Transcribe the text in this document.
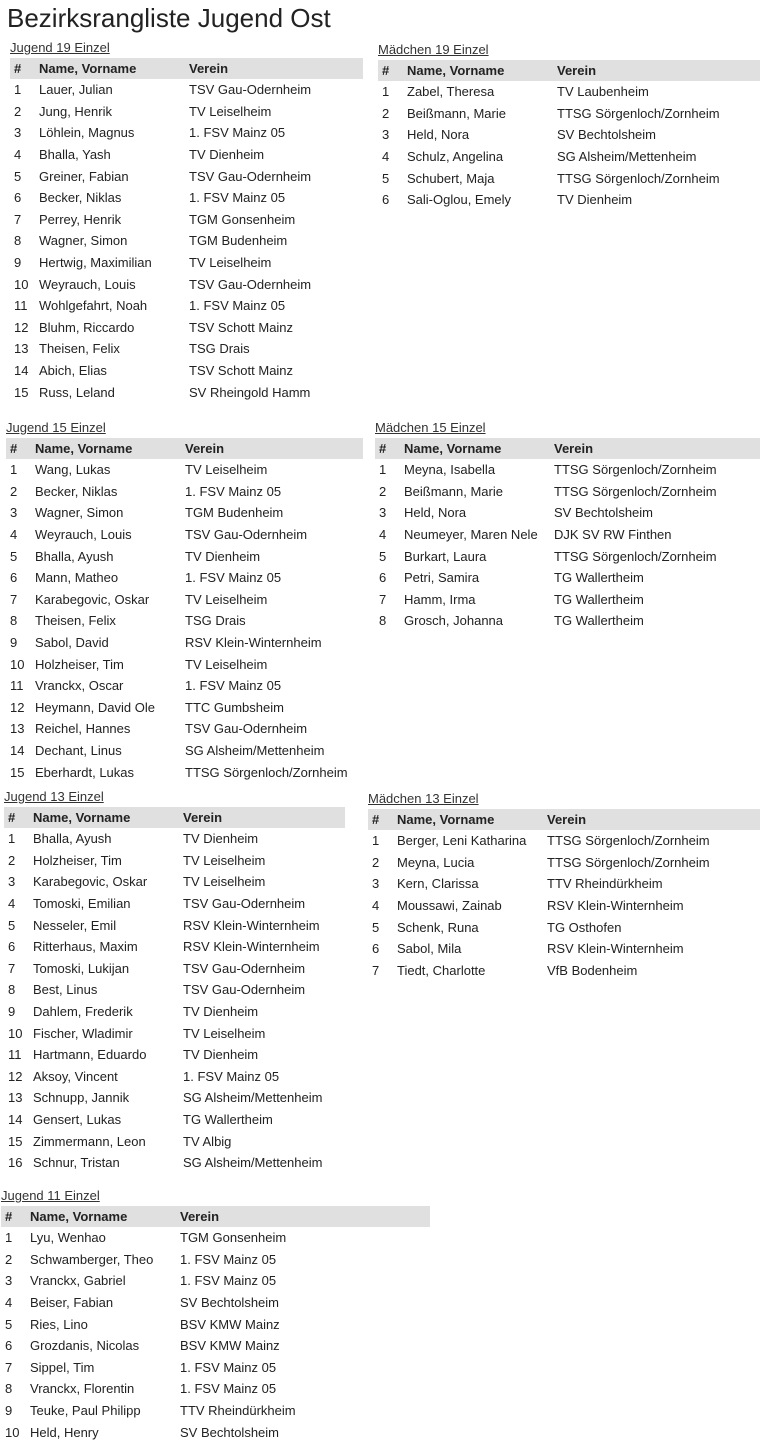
Bezirksrangliste Jugend Ost
Jugend 19 Einzel
#	Name, Vorname	Verein
1	Lauer, Julian	TSV Gau-Odernheim
2	Jung, Henrik	TV Leiselheim
3	Löhlein, Magnus	1. FSV Mainz 05
4	Bhalla, Yash	TV Dienheim
5	Greiner, Fabian	TSV Gau-Odernheim
6	Becker, Niklas	1. FSV Mainz 05
7	Perrey, Henrik	TGM Gonsenheim
8	Wagner, Simon	TGM Budenheim
9	Hertwig, Maximilian	TV Leiselheim
10	Weyrauch, Louis	TSV Gau-Odernheim
11	Wohlgefahrt, Noah	1. FSV Mainz 05
12	Bluhm, Riccardo	TSV Schott Mainz
13	Theisen, Felix	TSG Drais
14	Abich, Elias	TSV Schott Mainz
15	Russ, Leland	SV Rheingold Hamm
Mädchen 19 Einzel
#	Name, Vorname	Verein
1	Zabel, Theresa	TV Laubenheim
2	Beißmann, Marie	TTSG Sörgenloch/Zornheim
3	Held, Nora	SV Bechtolsheim
4	Schulz, Angelina	SG Alsheim/Mettenheim
5	Schubert, Maja	TTSG Sörgenloch/Zornheim
6	Sali-Oglou, Emely	TV Dienheim
Jugend 15 Einzel
#	Name, Vorname	Verein
1	Wang, Lukas	TV Leiselheim
2	Becker, Niklas	1. FSV Mainz 05
3	Wagner, Simon	TGM Budenheim
4	Weyrauch, Louis	TSV Gau-Odernheim
5	Bhalla, Ayush	TV Dienheim
6	Mann, Matheo	1. FSV Mainz 05
7	Karabegovic, Oskar	TV Leiselheim
8	Theisen, Felix	TSG Drais
9	Sabol, David	RSV Klein-Winternheim
10	Holzheiser, Tim	TV Leiselheim
11	Vranckx, Oscar	1. FSV Mainz 05
12	Heymann, David Ole	TTC Gumbsheim
13	Reichel, Hannes	TSV Gau-Odernheim
14	Dechant, Linus	SG Alsheim/Mettenheim
15	Eberhardt, Lukas	TTSG Sörgenloch/Zornheim
Mädchen 15 Einzel
#	Name, Vorname	Verein
1	Meyna, Isabella	TTSG Sörgenloch/Zornheim
2	Beißmann, Marie	TTSG Sörgenloch/Zornheim
3	Held, Nora	SV Bechtolsheim
4	Neumeyer, Maren Nele	DJK SV RW Finthen
5	Burkart, Laura	TTSG Sörgenloch/Zornheim
6	Petri, Samira	TG Wallertheim
7	Hamm, Irma	TG Wallertheim
8	Grosch, Johanna	TG Wallertheim
Jugend 13 Einzel
#	Name, Vorname	Verein
1	Bhalla, Ayush	TV Dienheim
2	Holzheiser, Tim	TV Leiselheim
3	Karabegovic, Oskar	TV Leiselheim
4	Tomoski, Emilian	TSV Gau-Odernheim
5	Nesseler, Emil	RSV Klein-Winternheim
6	Ritterhaus, Maxim	RSV Klein-Winternheim
7	Tomoski, Lukijan	TSV Gau-Odernheim
8	Best, Linus	TSV Gau-Odernheim
9	Dahlem, Frederik	TV Dienheim
10	Fischer, Wladimir	TV Leiselheim
11	Hartmann, Eduardo	TV Dienheim
12	Aksoy, Vincent	1. FSV Mainz 05
13	Schnupp, Jannik	SG Alsheim/Mettenheim
14	Gensert, Lukas	TG Wallertheim
15	Zimmermann, Leon	TV Albig
16	Schnur, Tristan	SG Alsheim/Mettenheim
Mädchen 13 Einzel
#	Name, Vorname	Verein
1	Berger, Leni Katharina	TTSG Sörgenloch/Zornheim
2	Meyna, Lucia	TTSG Sörgenloch/Zornheim
3	Kern, Clarissa	TTV Rheindürkheim
4	Moussawi, Zainab	RSV Klein-Winternheim
5	Schenk, Runa	TG Osthofen
6	Sabol, Mila	RSV Klein-Winternheim
7	Tiedt, Charlotte	VfB Bodenheim
Jugend 11 Einzel
#	Name, Vorname	Verein
1	Lyu, Wenhao	TGM Gonsenheim
2	Schwamberger, Theo	1. FSV Mainz 05
3	Vranckx, Gabriel	1. FSV Mainz 05
4	Beiser, Fabian	SV Bechtolsheim
5	Ries, Lino	BSV KMW Mainz
6	Grozdanis, Nicolas	BSV KMW Mainz
7	Sippel, Tim	1. FSV Mainz 05
8	Vranckx, Florentin	1. FSV Mainz 05
9	Teuke, Paul Philipp	TTV Rheindürkheim
10	Held, Henry	SV Bechtolsheim
